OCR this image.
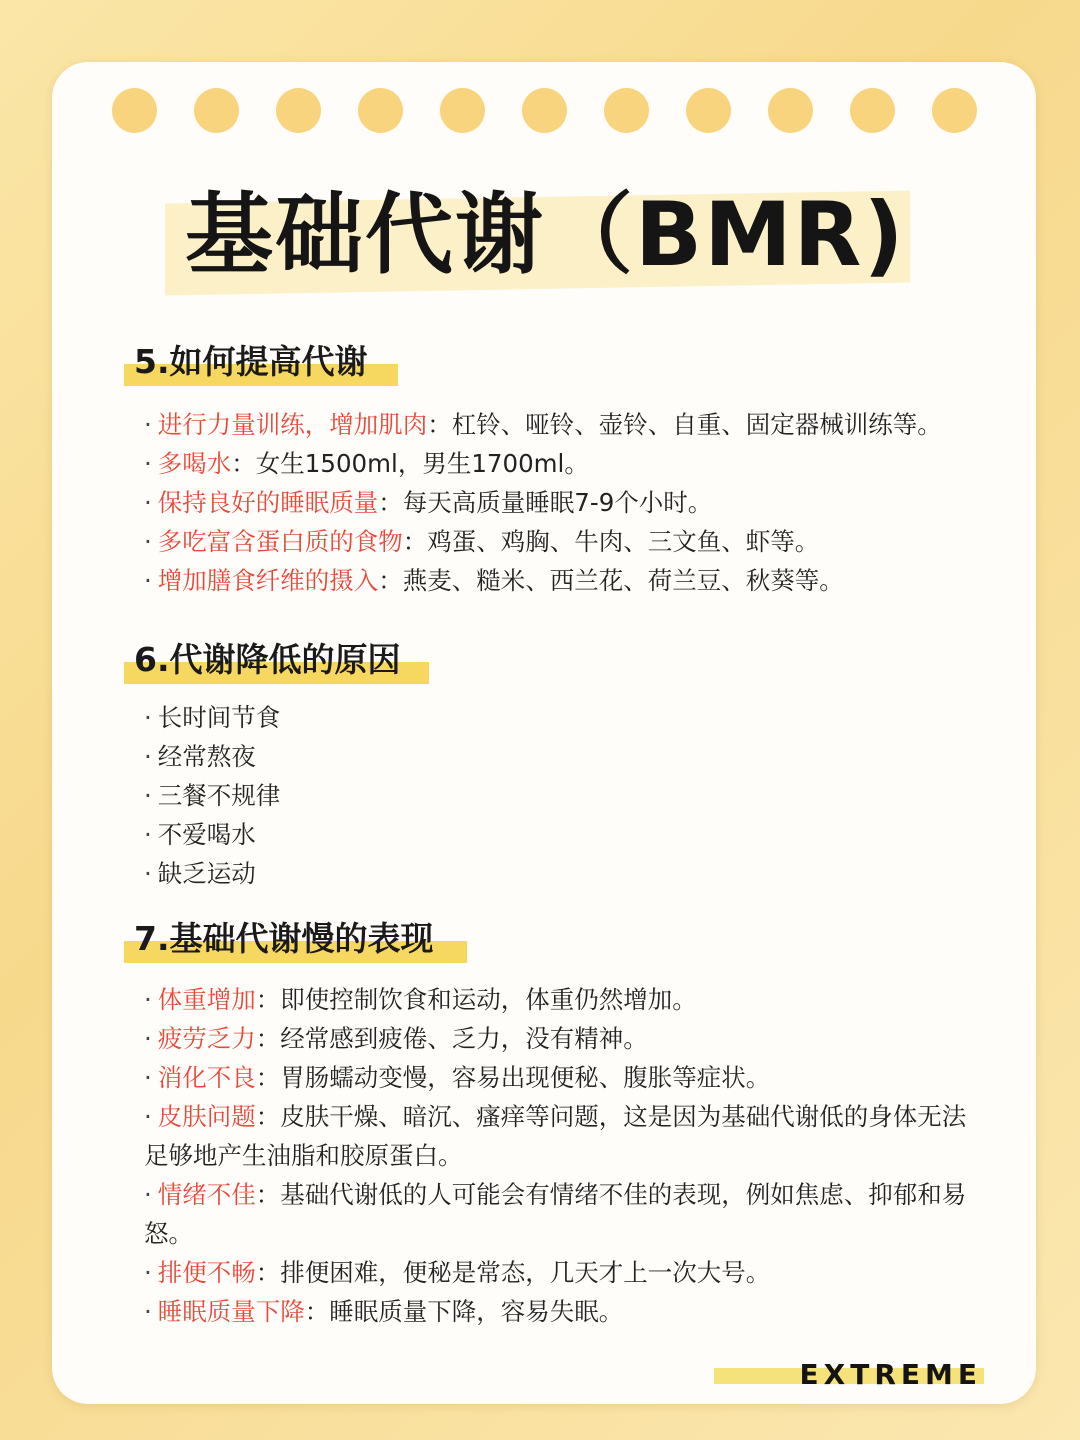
基础代谢（BMR)
5.如何提高代谢
· 进行力量训练，增加肌肉：杠铃、哑铃、壶铃、自重、固定器械训练等。
· 多喝水：女生1500ml，男生1700ml。
· 保持良好的睡眠质量：每天高质量睡眠7-9个小时。
· 多吃富含蛋白质的食物：鸡蛋、鸡胸、牛肉、三文鱼、虾等。
· 增加膳食纤维的摄入：燕麦、糙米、西兰花、荷兰豆、秋葵等。
6.代谢降低的原因
· 长时间节食
· 经常熬夜
· 三餐不规律
· 不爱喝水
· 缺乏运动
7.基础代谢慢的表现
· 体重增加：即使控制饮食和运动，体重仍然增加。
· 疲劳乏力：经常感到疲倦、乏力，没有精神。
· 消化不良：胃肠蠕动变慢，容易出现便秘、腹胀等症状。
· 皮肤问题：皮肤干燥、暗沉、瘙痒等问题，这是因为基础代谢低的身体无法足够地产生油脂和胶原蛋白。
· 情绪不佳：基础代谢低的人可能会有情绪不佳的表现，例如焦虑、抑郁和易怒。
· 排便不畅：排便困难，便秘是常态，几天才上一次大号。
· 睡眠质量下降：睡眠质量下降，容易失眠。
EXTREME
